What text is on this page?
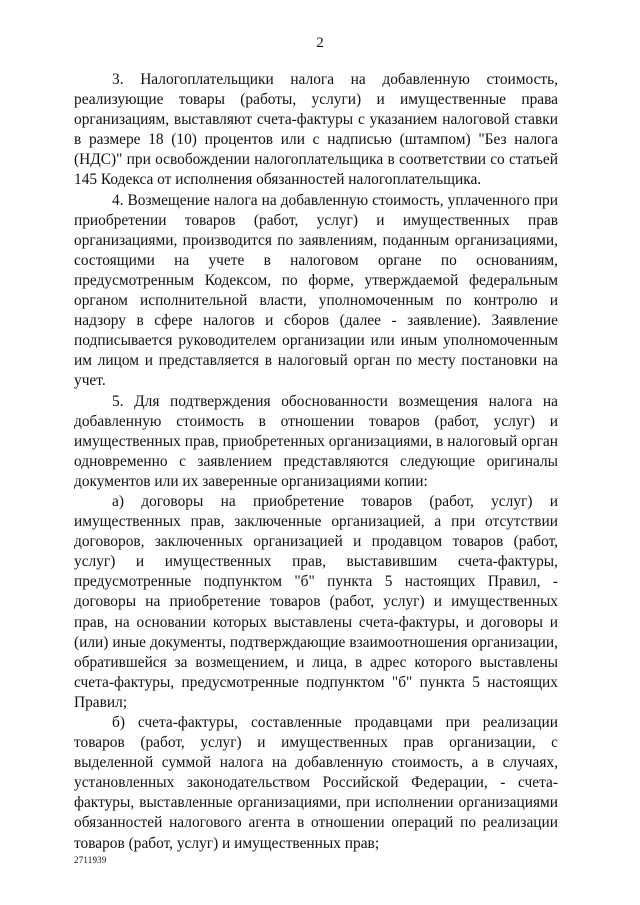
2

3. Налогоплательщики налога на добавленную стоимость, реализующие товары (работы, услуги) и имущественные права организациям, выставляют счета-фактуры с указанием налоговой ставки в размере 18 (10) процентов или с надписью (штампом) "Без налога (НДС)" при освобождении налогоплательщика в соответствии со статьей 145 Кодекса от исполнения обязанностей налогоплательщика.

4. Возмещение налога на добавленную стоимость, уплаченного при приобретении товаров (работ, услуг) и имущественных прав организациями, производится по заявлениям, поданным организациями, состоящими на учете в налоговом органе по основаниям, предусмотренным Кодексом, по форме, утверждаемой федеральным органом исполнительной власти, уполномоченным по контролю и надзору в сфере налогов и сборов (далее - заявление). Заявление подписывается руководителем организации или иным уполномоченным им лицом и представляется в налоговый орган по месту постановки на учет.

5. Для подтверждения обоснованности возмещения налога на добавленную стоимость в отношении товаров (работ, услуг) и имущественных прав, приобретенных организациями, в налоговый орган одновременно с заявлением представляются следующие оригиналы документов или их заверенные организациями копии:

а) договоры на приобретение товаров (работ, услуг) и имущественных прав, заключенные организацией, а при отсутствии договоров, заключенных организацией и продавцом товаров (работ, услуг) и имущественных прав, выставившим счета-фактуры, предусмотренные подпунктом "б" пункта 5 настоящих Правил, - договоры на приобретение товаров (работ, услуг) и имущественных прав, на основании которых выставлены счета-фактуры, и договоры и (или) иные документы, подтверждающие взаимоотношения организации, обратившейся за возмещением, и лица, в адрес которого выставлены счета-фактуры, предусмотренные подпунктом "б" пункта 5 настоящих Правил;

б) счета-фактуры, составленные продавцами при реализации товаров (работ, услуг) и имущественных прав организации, с выделенной суммой налога на добавленную стоимость, а в случаях, установленных законодательством Российской Федерации, - счета-фактуры, выставленные организациями, при исполнении организациями обязанностей налогового агента в отношении операций по реализации товаров (работ, услуг) и имущественных прав;

2711939
